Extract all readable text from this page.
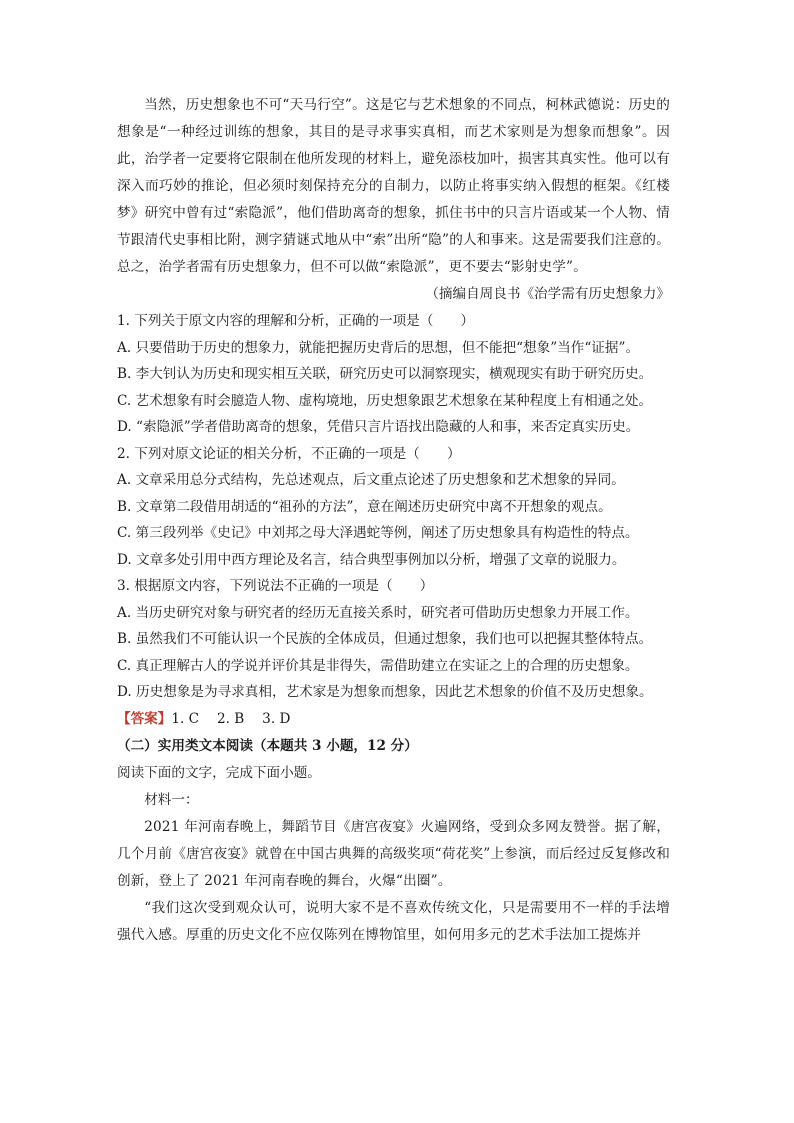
当然，历史想象也不可“天马行空”。这是它与艺术想象的不同点，柯林武德说：历史的想象是“一种经过训练的想象，其目的是寻求事实真相，而艺术家则是为想象而想象”。因此，治学者一定要将它限制在他所发现的材料上，避免添枝加叶，损害其真实性。他可以有深入而巧妙的推论，但必须时刻保持充分的自制力，以防止将事实纳入假想的框架。《红楼梦》研究中曾有过“索隐派”，他们借助离奇的想象，抓住书中的只言片语或某一个人物、情节跟清代史事相比附，测字猜谜式地从中“索”出所“隐”的人和事来。这是需要我们注意的。总之，治学者需有历史想象力，但不可以做“索隐派”，更不要去“影射史学”。

（摘编自周良书《治学需有历史想象力》

1. 下列关于原文内容的理解和分析，正确的一项是（　　）

A. 只要借助于历史的想象力，就能把握历史背后的思想，但不能把“想象”当作“证据”。

B. 李大钊认为历史和现实相互关联，研究历史可以洞察现实，横观现实有助于研究历史。

C. 艺术想象有时会臆造人物、虚构境地，历史想象跟艺术想象在某种程度上有相通之处。

D. “索隐派”学者借助离奇的想象，凭借只言片语找出隐藏的人和事，来否定真实历史。

2. 下列对原文论证的相关分析，不正确的一项是（　　）

A. 文章采用总分式结构，先总述观点，后文重点论述了历史想象和艺术想象的异同。

B. 文章第二段借用胡适的“祖孙的方法”，意在阐述历史研究中离不开想象的观点。

C. 第三段列举《史记》中刘邦之母大泽遇蛇等例，阐述了历史想象具有构造性的特点。

D. 文章多处引用中西方理论及名言，结合典型事例加以分析，增强了文章的说服力。

3. 根据原文内容，下列说法不正确的一项是（　　）

A. 当历史研究对象与研究者的经历无直接关系时，研究者可借助历史想象力开展工作。

B. 虽然我们不可能认识一个民族的全体成员，但通过想象，我们也可以把握其整体特点。

C. 真正理解古人的学说并评价其是非得失，需借助建立在实证之上的合理的历史想象。

D. 历史想象是为寻求真相，艺术家是为想象而想象，因此艺术想象的价值不及历史想象。

【答案】1. C　 2. B　 3. D

（二）实用类文本阅读（本题共 3 小题，12 分）

阅读下面的文字，完成下面小题。

材料一：

2021 年河南春晚上，舞蹈节目《唐宫夜宴》火遍网络，受到众多网友赞誉。据了解，几个月前《唐宫夜宴》就曾在中国古典舞的高级奖项“荷花奖”上参演，而后经过反复修改和创新，登上了 2021 年河南春晚的舞台，火爆“出圈”。

“我们这次受到观众认可，说明大家不是不喜欢传统文化，只是需要用不一样的手法增强代入感。厚重的历史文化不应仅陈列在博物馆里，如何用多元的艺术手法加工提炼并
